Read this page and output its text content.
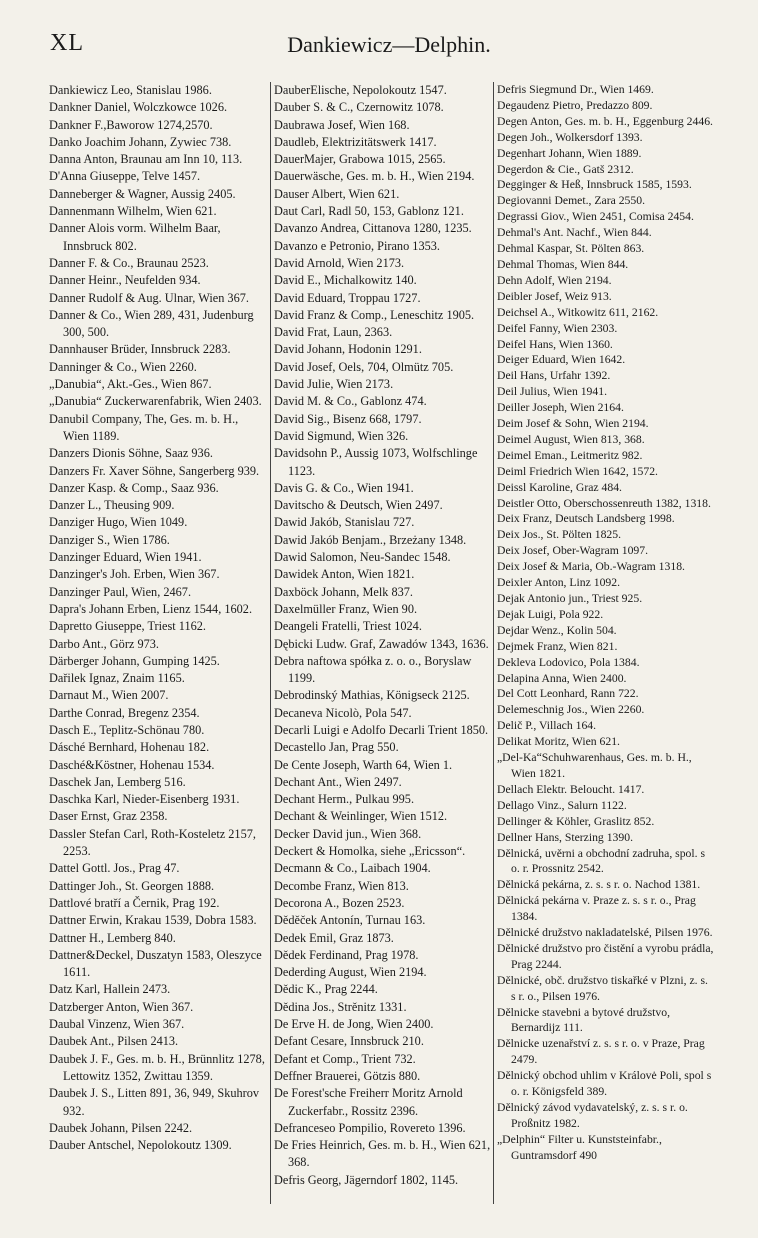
XL	Dankiewicz—Delphin.
Dankiewicz Leo, Stanislau 1986.
Dankner Daniel, Wolczkowce 1026.
Dankner F.,Baworow 1274,2570.
Danko Joachim Johann, Zywiec 738.
Danna Anton, Braunau am Inn 10, 113.
D'Anna Giuseppe, Telve 1457.
Danneberger & Wagner, Aussig 2405.
Dannenmann Wilhelm, Wien 621.
Danner Alois vorm. Wilhelm Baar, Innsbruck 802.
Danner F. & Co., Braunau 2523.
Danner Heinr., Neufelden 934.
Danner Rudolf & Aug. Ulnar, Wien 367.
Danner & Co., Wien 289, 431, Judenburg 300, 500.
Dannhauser Brüder, Innsbruck 2283.
Danninger & Co., Wien 2260.
„Danubia“, Akt.-Ges., Wien 867.
„Danubia“ Zuckerwarenfabrik, Wien 2403.
Danubil Company, The, Ges. m. b. H., Wien 1189.
Danzers Dionis Söhne, Saaz 936.
Danzers Fr. Xaver Söhne, Sangerberg 939.
Danzer Kasp. & Comp., Saaz 936.
Danzer L., Theusing 909.
Danziger Hugo, Wien 1049.
Danziger S., Wien 1786.
Danzinger Eduard, Wien 1941.
Danzinger's Joh. Erben, Wien 367.
Danzinger Paul, Wien, 2467.
Dapra's Johann Erben, Lienz 1544, 1602.
Dapretto Giuseppe, Triest 1162.
Darbo Ant., Görz 973.
Därberger Johann, Gumping 1425.
Dařilek Ignaz, Znaim 1165.
Darnaut M., Wien 2007.
Darthe Conrad, Bregenz 2354.
Dasch E., Teplitz-Schönau 780.
Dásché Bernhard, Hohenau 182.
Dasché&Köstner, Hohenau 1534.
Daschek Jan, Lemberg 516.
Daschka Karl, Nieder-Eisenberg 1931.
Daser Ernst, Graz 2358.
Dassler Stefan Carl, Roth-Kosteletz 2157, 2253.
Dattel Gottl. Jos., Prag 47.
Dattinger Joh., St. Georgen 1888.
Dattlové bratří a Černik, Prag 192.
Dattner Erwin, Krakau 1539, Dobra 1583.
Dattner H., Lemberg 840.
Dattner&Deckel, Duszatyn 1583, Oleszyce 1611.
Datz Karl, Hallein 2473.
Datzberger Anton, Wien 367.
Daubal Vinzenz, Wien 367.
Daubek Ant., Pilsen 2413.
Daubek J. F., Ges. m. b. H., Brünnlitz 1278, Lettowitz 1352, Zwittau 1359.
Daubek J. S., Litten 891, 36, 949, Skuhrov 932.
Daubek Johann, Pilsen 2242.
Dauber Antschel, Nepolokoutz 1309.
DauberElische, Nepolokoutz 1547.
Dauber S. & C., Czernowitz 1078.
Daubrawa Josef, Wien 168.
Daudleb, Elektrizitätswerk 1417.
DauerMajer, Grabowa 1015, 2565.
Dauerwäsche, Ges. m. b. H., Wien 2194.
Dauser Albert, Wien 621.
Daut Carl, Radl 50, 153, Gablonz 121.
Davanzo Andrea, Cittanova 1280, 1235.
Davanzo e Petronio, Pirano 1353.
David Arnold, Wien 2173.
David E., Michalkowitz 140.
David Eduard, Troppau 1727.
David Franz & Comp., Leneschitz 1905.
David Frat, Laun, 2363.
David Johann, Hodonin 1291.
David Josef, Oels, 704, Olmütz 705.
David Julie, Wien 2173.
David M. & Co., Gablonz 474.
David Sig., Bisenz 668, 1797.
David Sigmund, Wien 326.
Davidsohn P., Aussig 1073, Wolfschlinge 1123.
Davis G. & Co., Wien 1941.
Davitscho & Deutsch, Wien 2497.
Dawid Jakób, Stanislau 727.
Dawid Jakób Benjam., Brzeżany 1348.
Dawid Salomon, Neu-Sandec 1548.
Dawidek Anton, Wien 1821.
Daxböck Johann, Melk 837.
Daxelmüller Franz, Wien 90.
Deangeli Fratelli, Triest 1024.
Dębicki Ludw. Graf, Zawadów 1343, 1636.
Debra naftowa spółka z. o. o., Boryslaw 1199.
Debrodinský Mathias, Königseck 2125.
Decaneva Nicolò, Pola 547.
Decarli Luigi e Adolfo Decarli Trient 1850.
Decastello Jan, Prag 550.
De Cente Joseph, Warth 64, Wien 1.
Dechant Ant., Wien 2497.
Dechant Herm., Pulkau 995.
Dechant & Weinlinger, Wien 1512.
Decker David jun., Wien 368.
Deckert & Homolka, siehe „Ericsson“.
Decmann & Co., Laibach 1904.
Decombe Franz, Wien 813.
Decorona A., Bozen 2523.
Děděček Antonín, Turnau 163.
Dedek Emil, Graz 1873.
Dědek Ferdinand, Prag 1978.
Dederding August, Wien 2194.
Dědic K., Prag 2244.
Dědina Jos., Strěnitz 1331.
De Erve H. de Jong, Wien 2400.
Defant Cesare, Innsbruck 210.
Defant et Comp., Trient 732.
Deffner Brauerei, Götzis 880.
De Forest'sche Freiherr Moritz Arnold Zuckerfabr., Rossitz 2396.
Defranceseo Pompilio, Rovereto 1396.
De Fries Heinrich, Ges. m. b. H., Wien 621, 368.
Defris Georg, Jägerndorf 1802, 1145.
Defris Siegmund Dr., Wien 1469.
Degaudenz Pietro, Predazzo 809.
Degen Anton, Ges. m. b. H., Eggenburg 2446.
Degen Joh., Wolkersdorf 1393.
Degenhart Johann, Wien 1889.
Degerdon & Cie., Gatš 2312.
Degginger & Heß, Innsbruck 1585, 1593.
Degiovanni Demet., Zara 2550.
Degrassi Giov., Wien 2451, Comisa 2454.
Dehmal's Ant. Nachf., Wien 844.
Dehmal Kaspar, St. Pölten 863.
Dehmal Thomas, Wien 844.
Dehn Adolf, Wien 2194.
Deibler Josef, Weiz 913.
Deichsel A., Witkowitz 611, 2162.
Deifel Fanny, Wien 2303.
Deifel Hans, Wien 1360.
Deiger Eduard, Wien 1642.
Deil Hans, Urfahr 1392.
Deil Julius, Wien 1941.
Deiller Joseph, Wien 2164.
Deim Josef & Sohn, Wien 2194.
Deimel August, Wien 813, 368.
Deimel Eman., Leitmeritz 982.
Deiml Friedrich Wien 1642, 1572.
Deissl Karoline, Graz 484.
Deistler Otto, Oberschossenreuth 1382, 1318.
Deix Franz, Deutsch Landsberg 1998.
Deix Jos., St. Pölten 1825.
Deix Josef, Ober-Wagram 1097.
Deix Josef & Maria, Ob.-Wagram 1318.
Deixler Anton, Linz 1092.
Dejak Antonio jun., Triest 925.
Dejak Luigi, Pola 922.
Dejdar Wenz., Kolin 504.
Dejmek Franz, Wien 821.
Dekleva Lodovico, Pola 1384.
Delapina Anna, Wien 2400.
Del Cott Leonhard, Rann 722.
Delemeschnig Jos., Wien 2260.
Delič P., Villach 164.
Delikat Moritz, Wien 621.
„Del-Ka“Schuhwarenhaus, Ges. m. b. H., Wien 1821.
Dellach Elektr. Beloucht. 1417.
Dellago Vinz., Salurn 1122.
Dellinger & Köhler, Graslitz 852.
Dellner Hans, Sterzing 1390.
Dělnická, uvěrni a obchodní zadruha, spol. s o. r. Prossnitz 2542.
Dělnická pekárna, z. s. s r. o. Nachod 1381.
Dělnická pekárna v. Praze z. s. s r. o., Prag 1384.
Dělnické družstvo nakladatelské, Pilsen 1976.
Dělnické družstvo pro čistění a vyrobu prádla, Prag 2244.
Dělnické, obč. družstvo tiskařké v Plzni, z. s. s r. o., Pilsen 1976.
Dělnicke stavebni a bytové družstvo, Bernardijz 111.
Dělnicke uzenařství z. s. s r. o. v Praze, Prag 2479.
Dělnický obchod uhlim v Královė Poli, spol s o. r. Königsfeld 389.
Dělnický závod vydavatelský, z. s. s r. o. Proßnitz 1982.
„Delphin“ Filter u. Kunststeinfabr., Guntramsdorf 490
